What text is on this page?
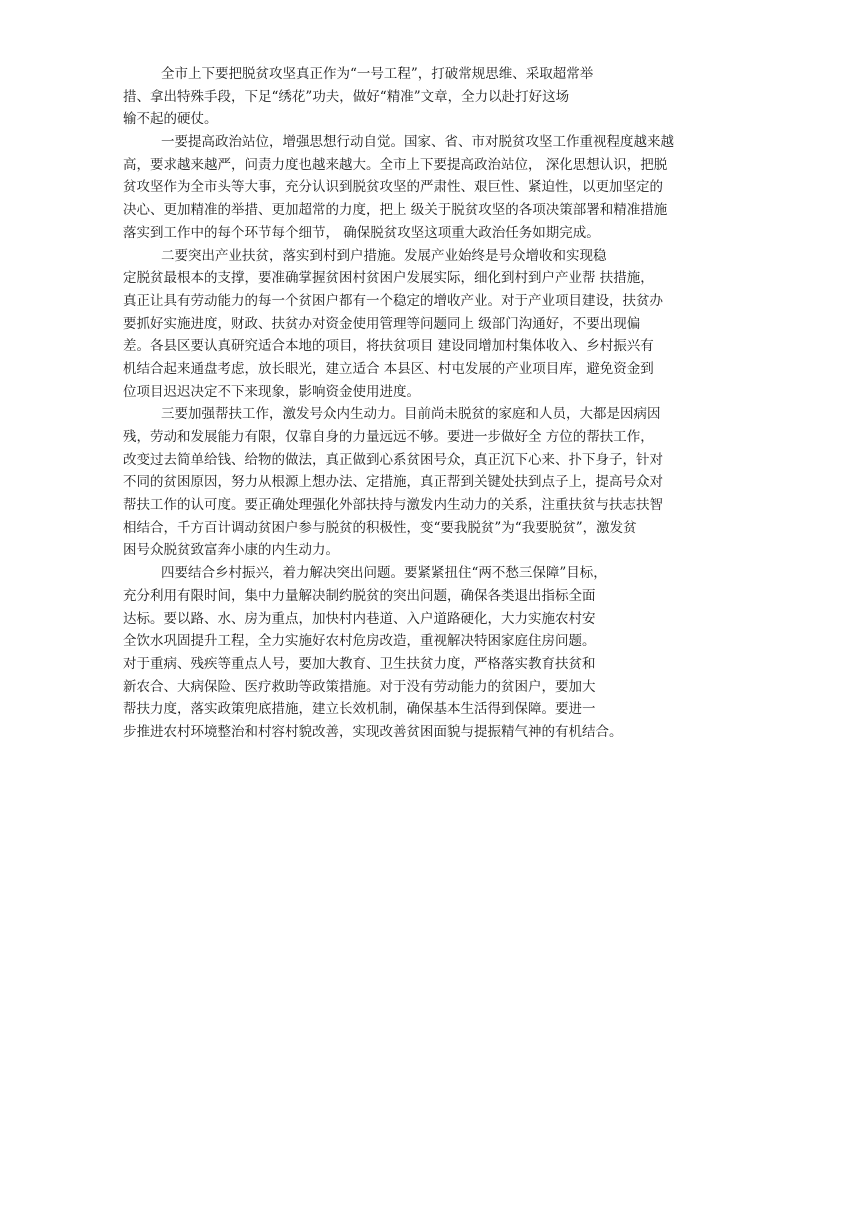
全市上下要把脱贫攻坚真正作为“一号工程”，打破常规思维、采取超常举
措、拿出特殊手段，下足“绣花”功夫，做好“精准”文章，全力以赴打好这场
输不起的硬仗。
一要提高政治站位，增强思想行动自觉。国家、省、市对脱贫攻坚工作重视程度越来越
高，要求越来越严，问责力度也越来越大。全市上下要提高政治站位， 深化思想认识，把脱
贫攻坚作为全市头等大事，充分认识到脱贫攻坚的严肃性、艰巨性、紧迫性，以更加坚定的
决心、更加精准的举措、更加超常的力度，把上 级关于脱贫攻坚的各项决策部署和精准措施
落实到工作中的每个环节每个细节， 确保脱贫攻坚这项重大政治任务如期完成。
二要突出产业扶贫，落实到村到户措施。发展产业始终是号众增收和实现稳
定脱贫最根本的支撑，要准确掌握贫困村贫困户发展实际，细化到村到户产业帮 扶措施，
真正让具有劳动能力的每一个贫困户都有一个稳定的增收产业。对于产业项目建设，扶贫办
要抓好实施进度，财政、扶贫办对资金使用管理等问题同上 级部门沟通好，不要出现偏
差。各县区要认真研究适合本地的项目，将扶贫项目 建设同增加村集体收入、乡村振兴有
机结合起来通盘考虑，放长眼光，建立适合 本县区、村屯发展的产业项目库，避免资金到
位项目迟迟决定不下来现象，影响资金使用进度。
三要加强帮扶工作，激发号众内生动力。目前尚未脱贫的家庭和人员，大都是因病因
残，劳动和发展能力有限，仅靠自身的力量远远不够。要进一步做好全 方位的帮扶工作，
改变过去简单给钱、给物的做法，真正做到心系贫困号众，真正沉下心来、扑下身子，针对
不同的贫困原因，努力从根源上想办法、定措施，真正帮到关键处扶到点子上，提高号众对
帮扶工作的认可度。要正确处理强化外部扶持与激发内生动力的关系，注重扶贫与扶志扶智
相结合，千方百计调动贫困户参与脱贫的积极性，变“要我脱贫”为“我要脱贫”，激发贫
困号众脱贫致富奔小康的内生动力。
四要结合乡村振兴，着力解决突出问题。要紧紧扭住“两不愁三保障”目标，
充分利用有限时间，集中力量解决制约脱贫的突出问题，确保各类退出指标全面
达标。要以路、水、房为重点，加快村内巷道、入户道路硬化，大力实施农村安
全饮水巩固提升工程，全力实施好农村危房改造，重视解决特困家庭住房问题。
对于重病、残疾等重点人号，要加大教育、卫生扶贫力度，严格落实教育扶贫和
新农合、大病保险、医疗救助等政策措施。对于没有劳动能力的贫困户，要加大
帮扶力度，落实政策兜底措施，建立长效机制，确保基本生活得到保障。要进一
步推进农村环境整治和村容村貌改善，实现改善贫困面貌与提振精气神的有机结合。
